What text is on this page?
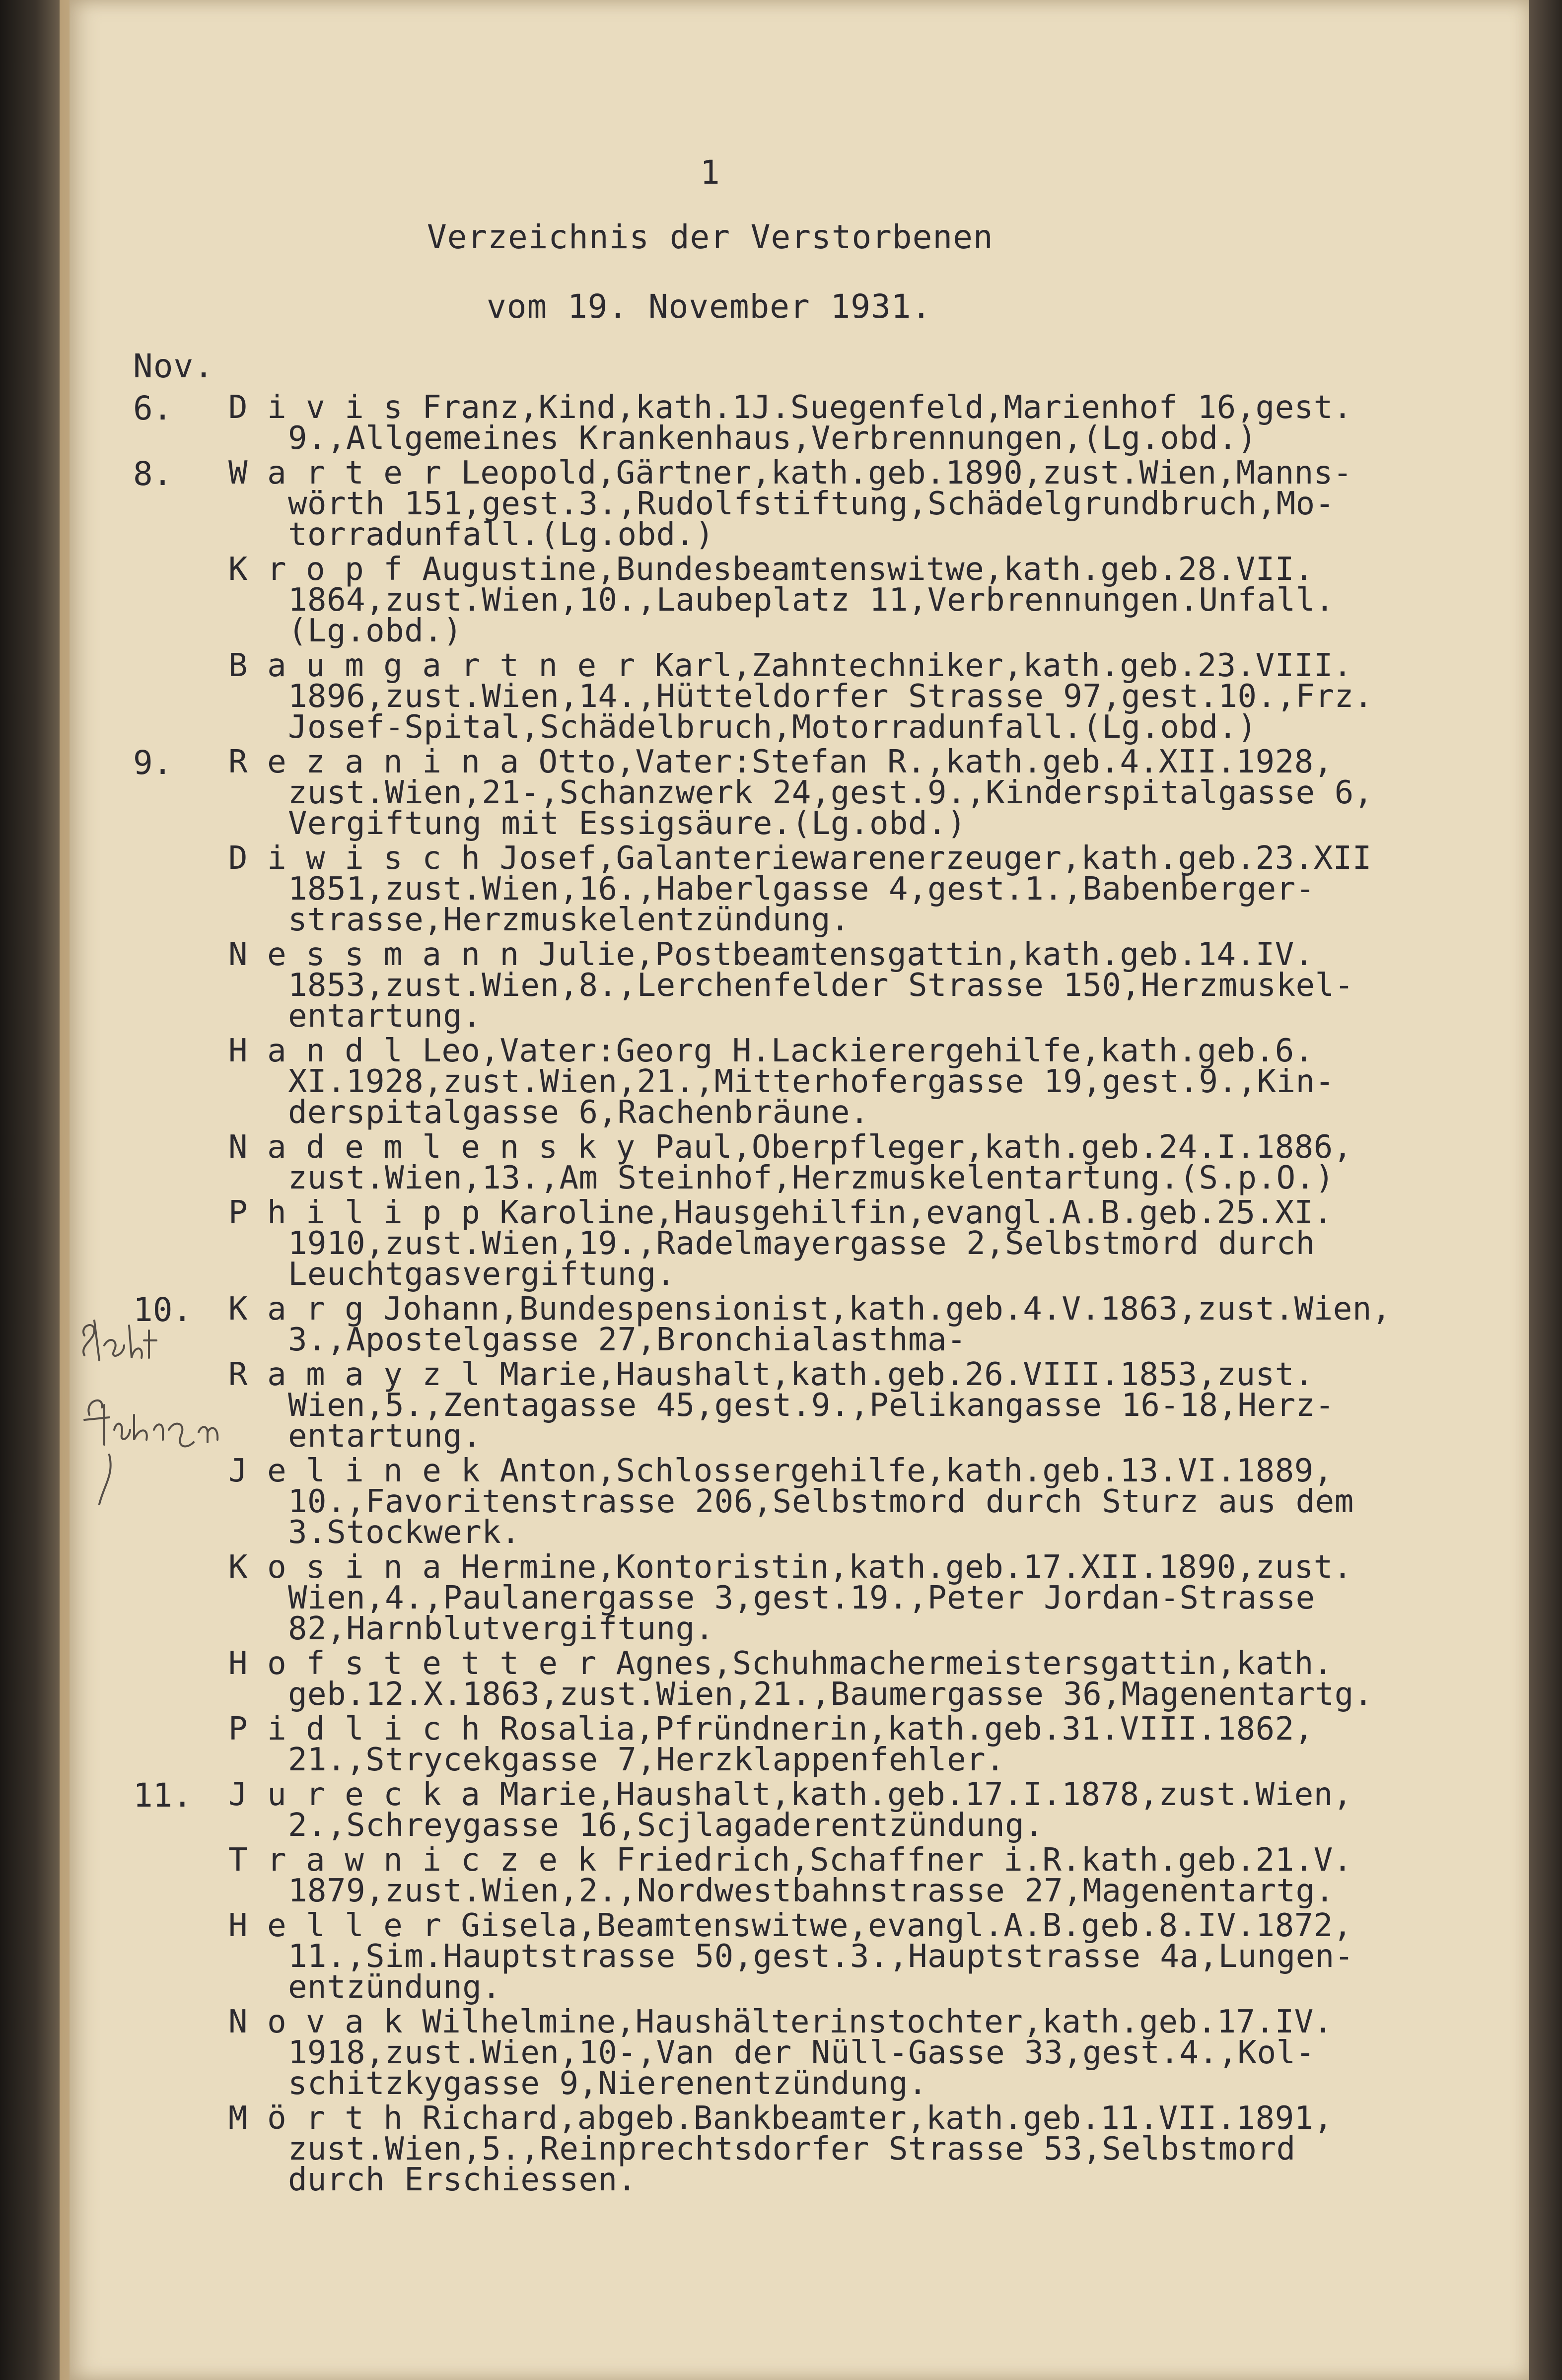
1
Verzeichnis der Verstorbenen
vom 19. November 1931.
Nov.
D i v i s Franz,Kind,kath.1J.Suegenfeld,Marienhof 16,gest.
9.,Allgemeines Krankenhaus,Verbrennungen,(Lg.obd.)
W a r t e r Leopold,Gärtner,kath.geb.1890,zust.Wien,Manns-
wörth 151,gest.3.,Rudolfstiftung,Schädelgrundbruch,Mo-
torradunfall.(Lg.obd.)
K r o p f Augustine,Bundesbeamtenswitwe,kath.geb.28.VII.
1864,zust.Wien,10.,Laubeplatz 11,Verbrennungen.Unfall.
(Lg.obd.)
B a u m g a r t n e r Karl,Zahntechniker,kath.geb.23.VIII.
1896,zust.Wien,14.,Hütteldorfer Strasse 97,gest.10.,Frz.
Josef-Spital,Schädelbruch,Motorradunfall.(Lg.obd.)
R e z a n i n a Otto,Vater:Stefan R.,kath.geb.4.XII.1928,
zust.Wien,21-,Schanzwerk 24,gest.9.,Kinderspitalgasse 6,
Vergiftung mit Essigsäure.(Lg.obd.)
D i w i s c h Josef,Galanteriewarenerzeuger,kath.geb.23.XII
1851,zust.Wien,16.,Haberlgasse 4,gest.1.,Babenberger-
strasse,Herzmuskelentzündung.
N e s s m a n n Julie,Postbeamtensgattin,kath.geb.14.IV.
1853,zust.Wien,8.,Lerchenfelder Strasse 150,Herzmuskel-
entartung.
H a n d l Leo,Vater:Georg H.Lackierergehilfe,kath.geb.6.
XI.1928,zust.Wien,21.,Mitterhofergasse 19,gest.9.,Kin-
derspitalgasse 6,Rachenbräune.
N a d e m l e n s k y Paul,Oberpfleger,kath.geb.24.I.1886,
zust.Wien,13.,Am Steinhof,Herzmuskelentartung.(S.p.O.)
P h i l i p p Karoline,Hausgehilfin,evangl.A.B.geb.25.XI.
1910,zust.Wien,19.,Radelmayergasse 2,Selbstmord durch
Leuchtgasvergiftung.
K a r g Johann,Bundespensionist,kath.geb.4.V.1863,zust.Wien,
3.,Apostelgasse 27,Bronchialasthma-
R a m a y z l Marie,Haushalt,kath.geb.26.VIII.1853,zust.
Wien,5.,Zentagasse 45,gest.9.,Pelikangasse 16-18,Herz-
entartung.
J e l i n e k Anton,Schlossergehilfe,kath.geb.13.VI.1889,
10.,Favoritenstrasse 206,Selbstmord durch Sturz aus dem
3.Stockwerk.
K o s i n a Hermine,Kontoristin,kath.geb.17.XII.1890,zust.
Wien,4.,Paulanergasse 3,gest.19.,Peter Jordan-Strasse
82,Harnblutvergiftung.
H o f s t e t t e r Agnes,Schuhmachermeistersgattin,kath.
geb.12.X.1863,zust.Wien,21.,Baumergasse 36,Magenentartg.
P i d l i c h Rosalia,Pfründnerin,kath.geb.31.VIII.1862,
21.,Strycekgasse 7,Herzklappenfehler.
J u r e c k a Marie,Haushalt,kath.geb.17.I.1878,zust.Wien,
2.,Schreygasse 16,Scjlagaderentzündung.
T r a w n i c z e k Friedrich,Schaffner i.R.kath.geb.21.V.
1879,zust.Wien,2.,Nordwestbahnstrasse 27,Magenentartg.
H e l l e r Gisela,Beamtenswitwe,evangl.A.B.geb.8.IV.1872,
11.,Sim.Hauptstrasse 50,gest.3.,Hauptstrasse 4a,Lungen-
entzündung.
N o v a k Wilhelmine,Haushälterinstochter,kath.geb.17.IV.
1918,zust.Wien,10-,Van der Nüll-Gasse 33,gest.4.,Kol-
schitzkygasse 9,Nierenentzündung.
M ö r t h Richard,abgeb.Bankbeamter,kath.geb.11.VII.1891,
zust.Wien,5.,Reinprechtsdorfer Strasse 53,Selbstmord
durch Erschiessen.
6.
8.
9.
10.
11.
